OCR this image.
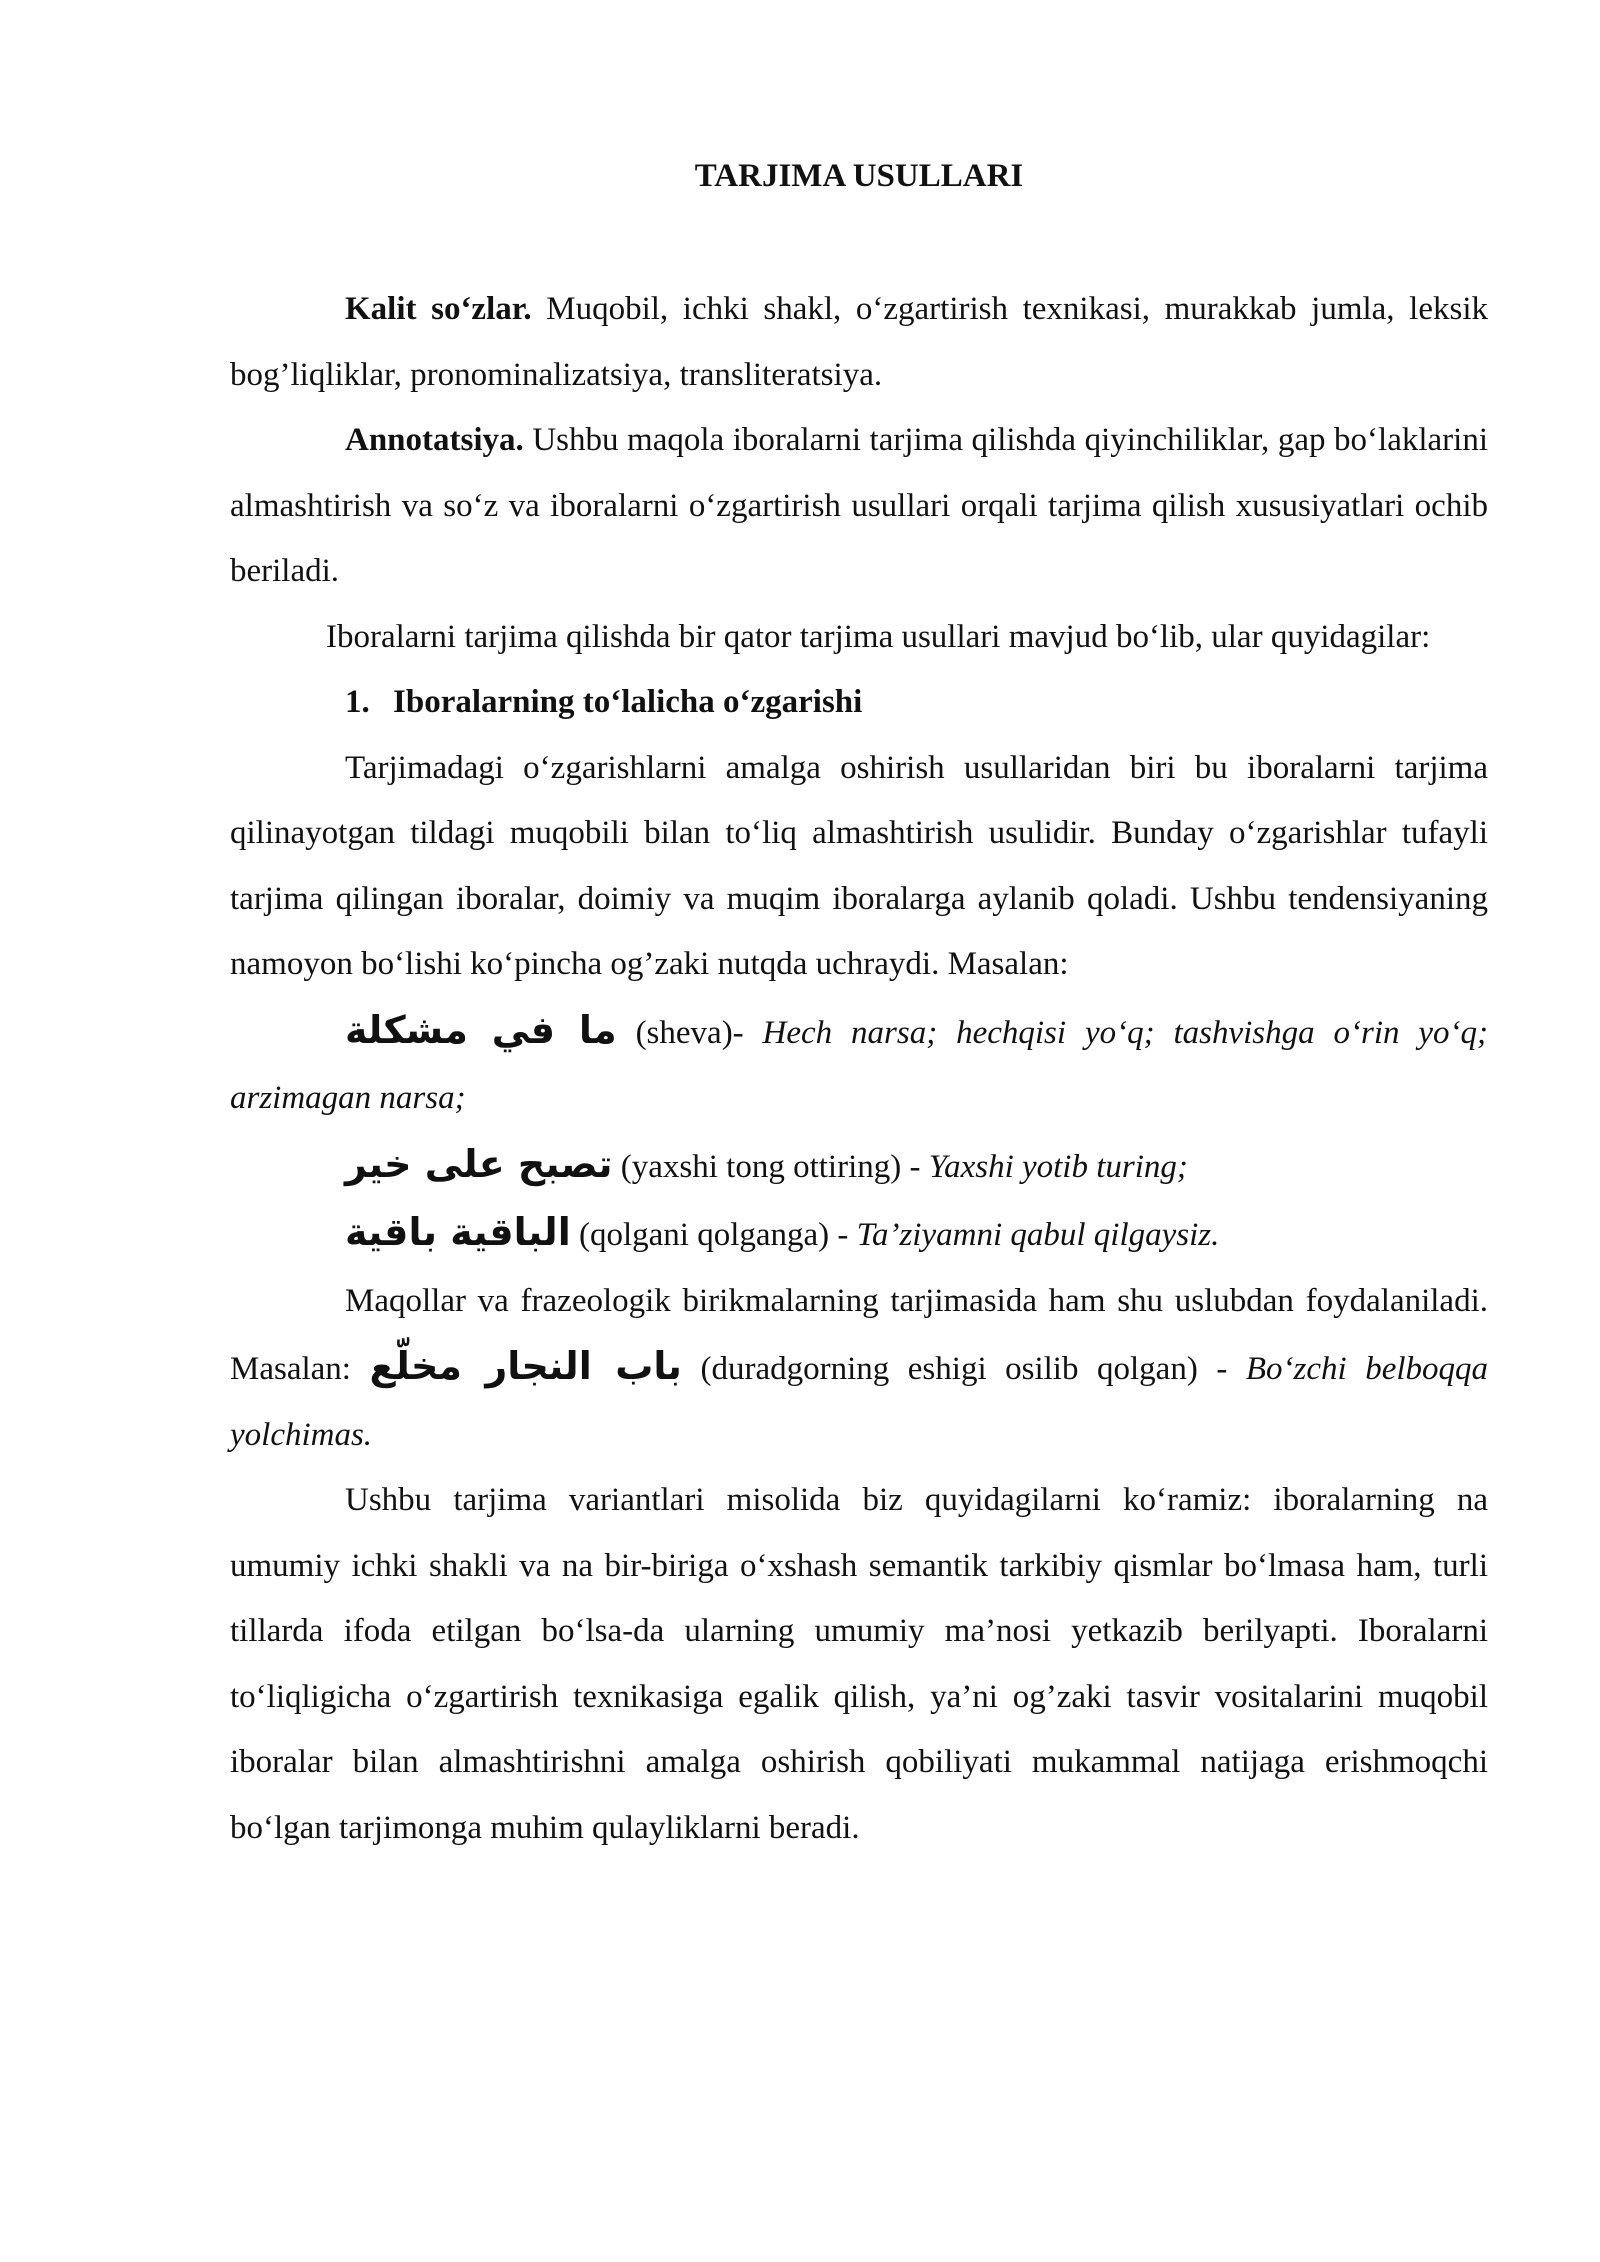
TARJIMA USULLARI

Kalit so‘zlar. Muqobil, ichki shakl, o‘zgartirish texnikasi, murakkab jumla, leksik bog’liqliklar, pronominalizatsiya, transliteratsiya.

Annotatsiya. Ushbu maqola iboralarni tarjima qilishda qiyinchiliklar, gap bo‘laklarini almashtirish va so‘z va iboralarni o‘zgartirish usullari orqali tarjima qilish xususiyatlari ochib beriladi.

Iboralarni tarjima qilishda bir qator tarjima usullari mavjud bo‘lib, ular quyidagilar:

1. Iboralarning to‘lalicha o‘zgarishi

Tarjimadagi o‘zgarishlarni amalga oshirish usullaridan biri bu iboralarni tarjima qilinayotgan tildagi muqobili bilan to‘liq almashtirish usulidir. Bunday o‘zgarishlar tufayli tarjima qilingan iboralar, doimiy va muqim iboralarga aylanib qoladi. Ushbu tendensiyaning namoyon bo‘lishi ko‘pincha og’zaki nutqda uchraydi. Masalan:

ما في مشكلة (sheva)- Hech narsa; hechqisi yo‘q; tashvishga o‘rin yo‘q; arzimagan narsa;

تصبح على خير (yaxshi tong ottiring) - Yaxshi yotib turing;

الباقية باقية (qolgani qolganga) - Ta’ziyamni qabul qilgaysiz.

Maqollar va frazeologik birikmalarning tarjimasida ham shu uslubdan foydalaniladi. Masalan: باب النجار مخلّع (duradgorning eshigi osilib qolgan) - Bo‘zchi belboqqa yolchimas.

Ushbu tarjima variantlari misolida biz quyidagilarni ko‘ramiz: iboralarning na umumiy ichki shakli va na bir-biriga o‘xshash semantik tarkibiy qismlar bo‘lmasa ham, turli tillarda ifoda etilgan bo‘lsa-da ularning umumiy ma’nosi yetkazib berilyapti. Iboralarni to‘liqligicha o‘zgartirish texnikasiga egalik qilish, ya’ni og’zaki tasvir vositalarini muqobil iboralar bilan almashtirishni amalga oshirish qobiliyati mukammal natijaga erishmoqchi bo‘lgan tarjimonga muhim qulayliklarni beradi.
